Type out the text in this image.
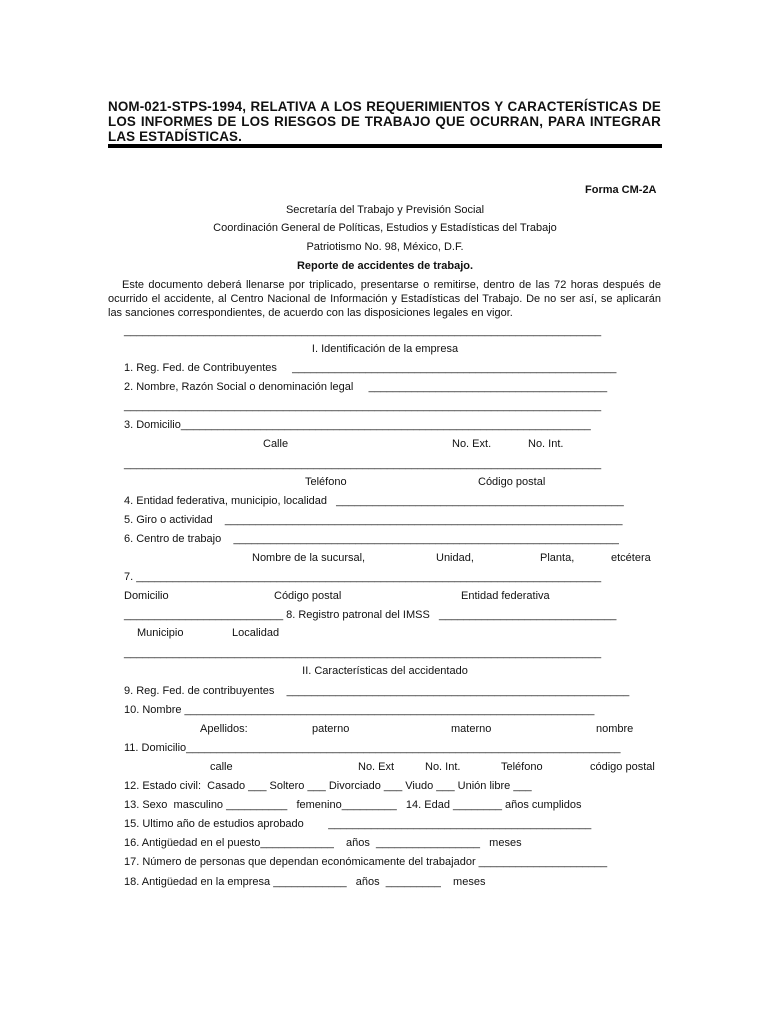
NOM-021-STPS-1994, RELATIVA A LOS REQUERIMIENTOS Y CARACTERÍSTICAS DE LOS INFORMES DE LOS RIESGOS DE TRABAJO QUE OCURRAN, PARA INTEGRAR LAS ESTADÍSTICAS.
Forma CM-2A
Secretaría del Trabajo y Previsión Social
Coordinación General de Políticas, Estudios y Estadísticas del Trabajo
Patriotismo No. 98, México, D.F.
Reporte de accidentes de trabajo.
Este documento deberá llenarse por triplicado, presentarse o remitirse, dentro de las 72 horas después de ocurrido el accidente, al Centro Nacional de Información y Estadísticas del Trabajo. De no ser así, se aplicarán las sanciones correspondientes, de acuerdo con las disposiciones legales en vigor.
______________________________________________________________________________
I. Identificación de la empresa
1. Reg. Fed. de Contribuyentes     _____________________________________________________
2. Nombre, Razón Social o denominación legal     _______________________________________
______________________________________________________________________________
3. Domicilio___________________________________________________________________
Calle	No. Ext.	No. Int.
______________________________________________________________________________
Teléfono	Código postal
4. Entidad federativa, municipio, localidad   _______________________________________________
5. Giro o actividad    _________________________________________________________________
6. Centro de trabajo    _______________________________________________________________
Nombre de la sucursal,	Unidad,	Planta,	etcétera
7. ____________________________________________________________________________
Domicilio	Código postal	Entidad federativa
__________________________ 8. Registro patronal del IMSS   _____________________________
Municipio	Localidad
______________________________________________________________________________
II. Características del accidentado
9. Reg. Fed. de contribuyentes    ________________________________________________________
10. Nombre ___________________________________________________________________
Apellidos:	paterno	materno	nombre
11. Domicilio_______________________________________________________________________
calle	No. Ext	No. Int.	Teléfono	código postal
12. Estado civil:  Casado ___ Soltero ___ Divorciado ___ Viudo ___ Unión libre ___
13. Sexo  masculino __________   femenino_________   14. Edad ________ años cumplidos
15. Ultimo año de estudios aprobado        ___________________________________________
16. Antigüedad en el puesto____________    años  _________________   meses
17. Número de personas que dependan económicamente del trabajador _____________________
18. Antigüedad en la empresa ____________   años  _________    meses
